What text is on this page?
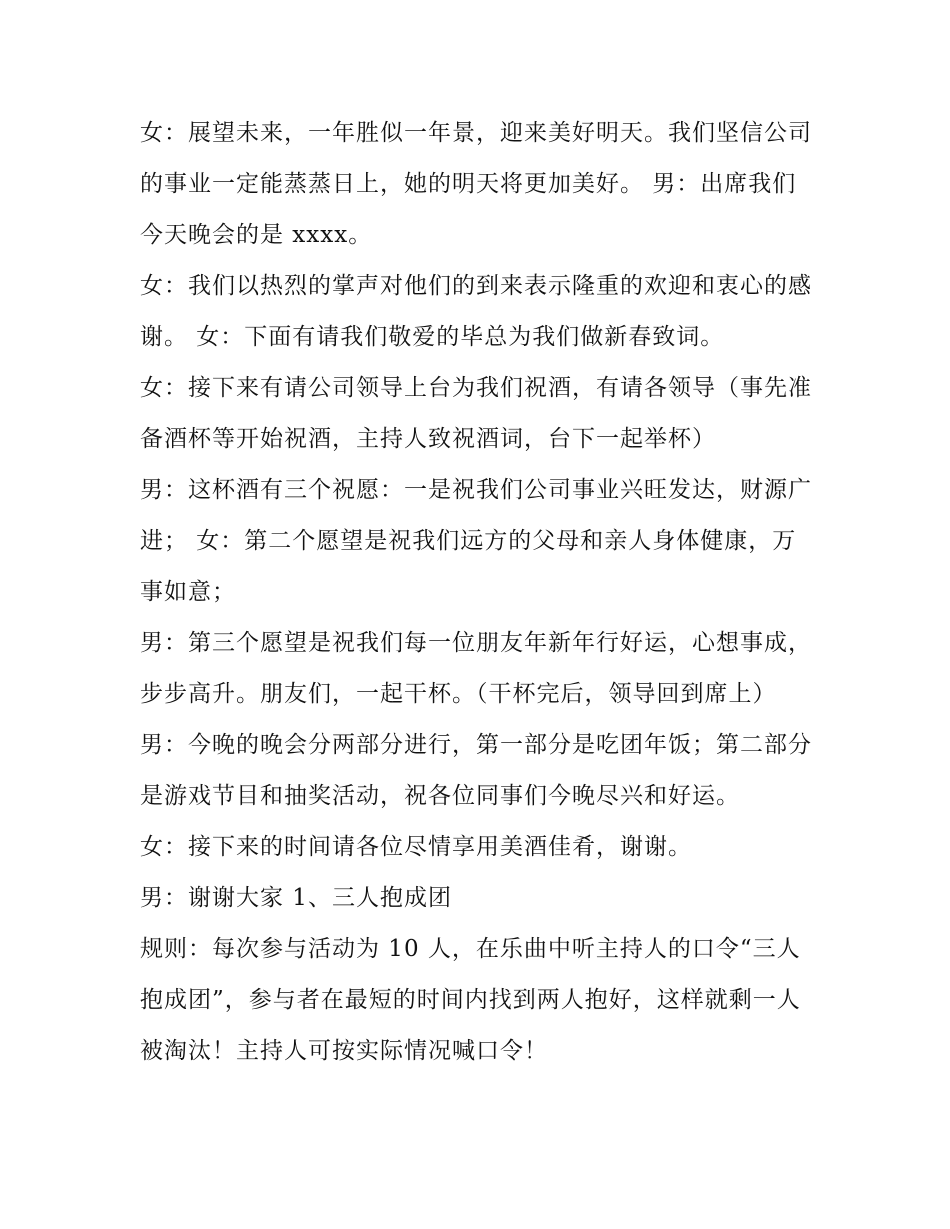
女：展望未来，一年胜似一年景，迎来美好明天。我们坚信公司的事业一定能蒸蒸日上，她的明天将更加美好。 男：出席我们今天晚会的是 xxxx。

女：我们以热烈的掌声对他们的到来表示隆重的欢迎和衷心的感谢。 女：下面有请我们敬爱的毕总为我们做新春致词。

女：接下来有请公司领导上台为我们祝酒，有请各领导（事先准备酒杯等开始祝酒，主持人致祝酒词，台下一起举杯）

男：这杯酒有三个祝愿：一是祝我们公司事业兴旺发达，财源广进； 女：第二个愿望是祝我们远方的父母和亲人身体健康，万事如意；

男：第三个愿望是祝我们每一位朋友年新年行好运，心想事成，步步高升。朋友们，一起干杯。（干杯完后，领导回到席上）

男：今晚的晚会分两部分进行，第一部分是吃团年饭；第二部分是游戏节目和抽奖活动，祝各位同事们今晚尽兴和好运。

女：接下来的时间请各位尽情享用美酒佳肴，谢谢。

男：谢谢大家 1、三人抱成团

规则：每次参与活动为 10 人，在乐曲中听主持人的口令“三人抱成团”，参与者在最短的时间内找到两人抱好，这样就剩一人被淘汰！主持人可按实际情况喊口令！
